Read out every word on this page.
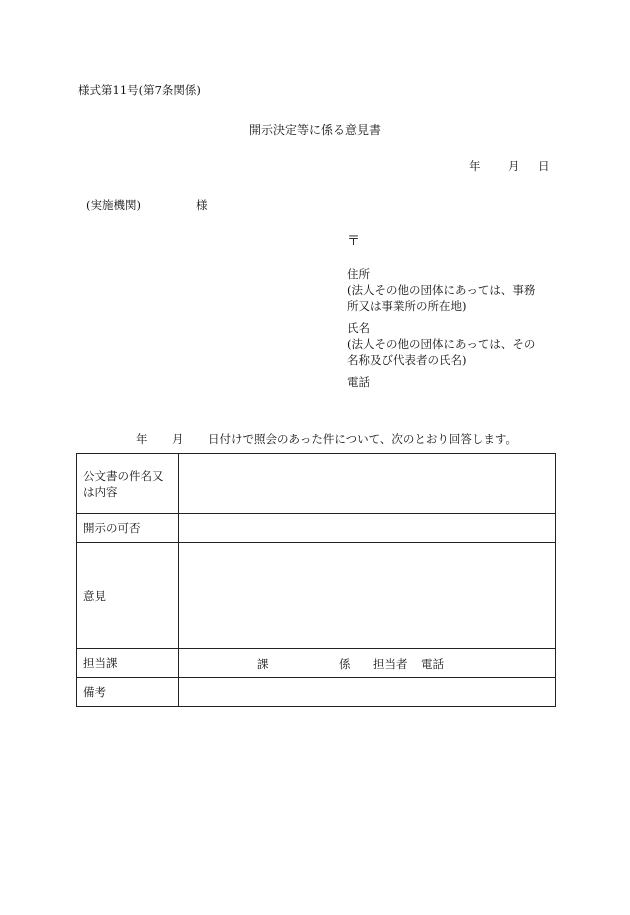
様式第11号(第7条関係)
開示決定等に係る意見書
年 月 日
(実施機関)	様
〒
住所
(法人その他の団体にあっては、事務
所又は事業所の所在地)
氏名
(法人その他の団体にあっては、その
名称及び代表者の氏名)
電話
年 月 日付けで照会のあった件について、次のとおり回答します。
公文書の件名又
は内容	
開示の可否	
意見	
担当課	課 係 担当者 電話

備考	
